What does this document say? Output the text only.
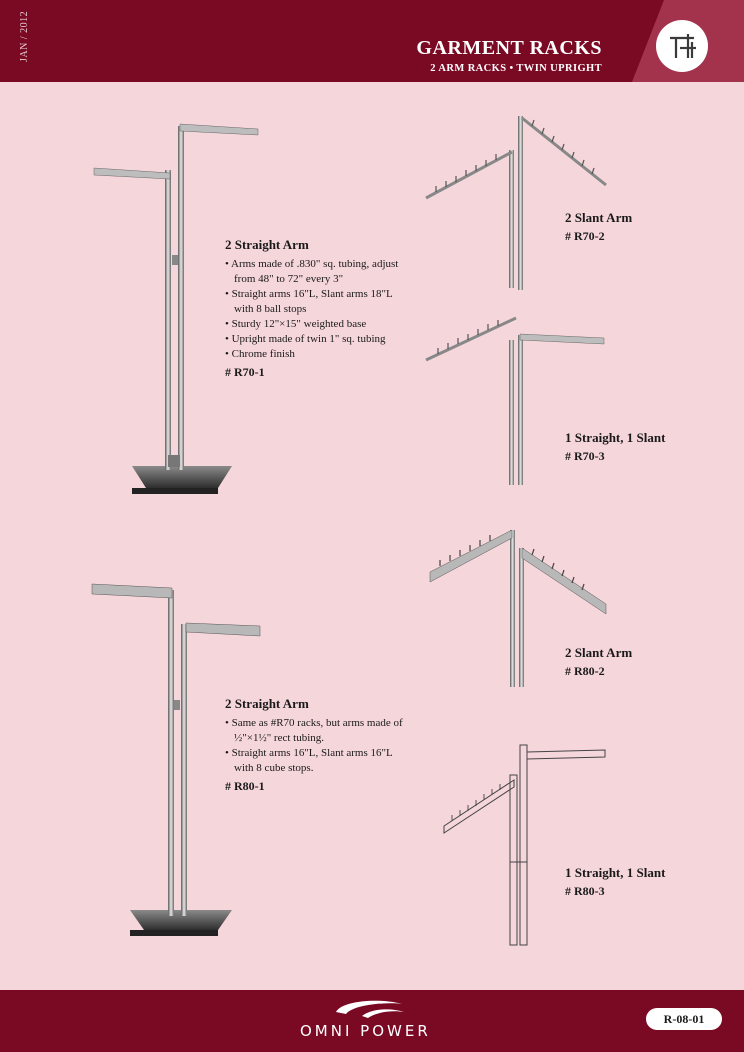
JAN / 2012	GARMENT RACKS
2 ARM RACKS • TWIN UPRIGHT
2 Straight Arm
• Arms made of .830" sq. tubing, adjust from 48" to 72" every 3"
• Straight arms 16"L, Slant arms 18"L with 8 ball stops
• Sturdy 12"×15" weighted base
• Upright made of twin 1" sq. tubing
• Chrome finish
# R70-1
2 Slant Arm
# R70-2
1 Straight, 1 Slant
# R70-3
2 Straight Arm
• Same as #R70 racks, but arms made of ½"×1½" rect tubing.
• Straight arms 16"L, Slant arms 16"L with 8 cube stops.
# R80-1
2 Slant Arm
# R80-2
1 Straight, 1 Slant
# R80-3
OMNI POWER
R-08-01
